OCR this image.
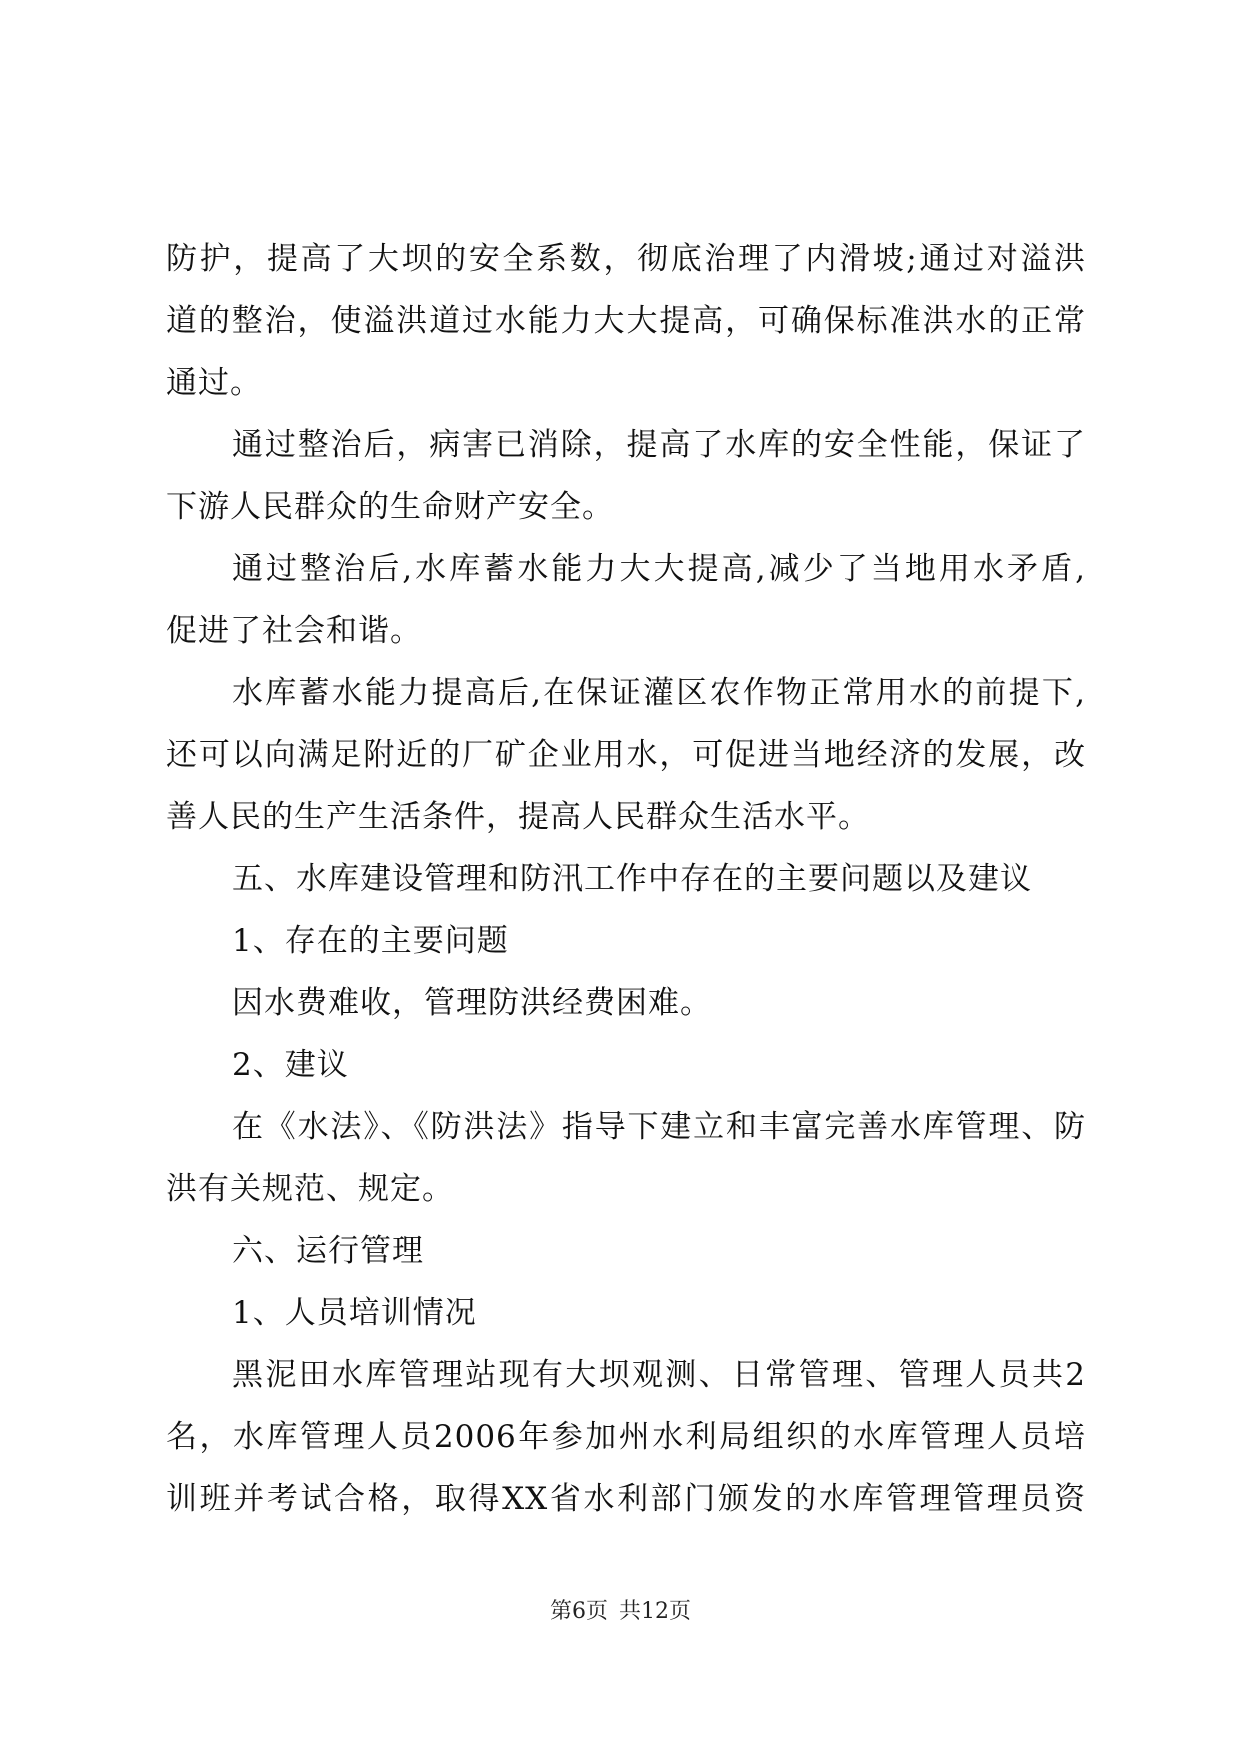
防护，提高了大坝的安全系数，彻底治理了内滑坡;通过对溢洪
道的整治，使溢洪道过水能力大大提高，可确保标准洪水的正常
通过。
通过整治后，病害已消除，提高了水库的安全性能，保证了
下游人民群众的生命财产安全。
通过整治后,水库蓄水能力大大提高,减少了当地用水矛盾,
促进了社会和谐。
水库蓄水能力提高后,在保证灌区农作物正常用水的前提下,
还可以向满足附近的厂矿企业用水，可促进当地经济的发展，改
善人民的生产生活条件，提高人民群众生活水平。
五、水库建设管理和防汛工作中存在的主要问题以及建议
1、存在的主要问题
因水费难收，管理防洪经费困难。
2、建议
在《水法》、《防洪法》指导下建立和丰富完善水库管理、防
洪有关规范、规定。
六、运行管理
1、人员培训情况
黑泥田水库管理站现有大坝观测、日常管理、管理人员共2
名，水库管理人员2006年参加州水利局组织的水库管理人员培
训班并考试合格，取得XX省水利部门颁发的水库管理管理员资
第6页 共12页
